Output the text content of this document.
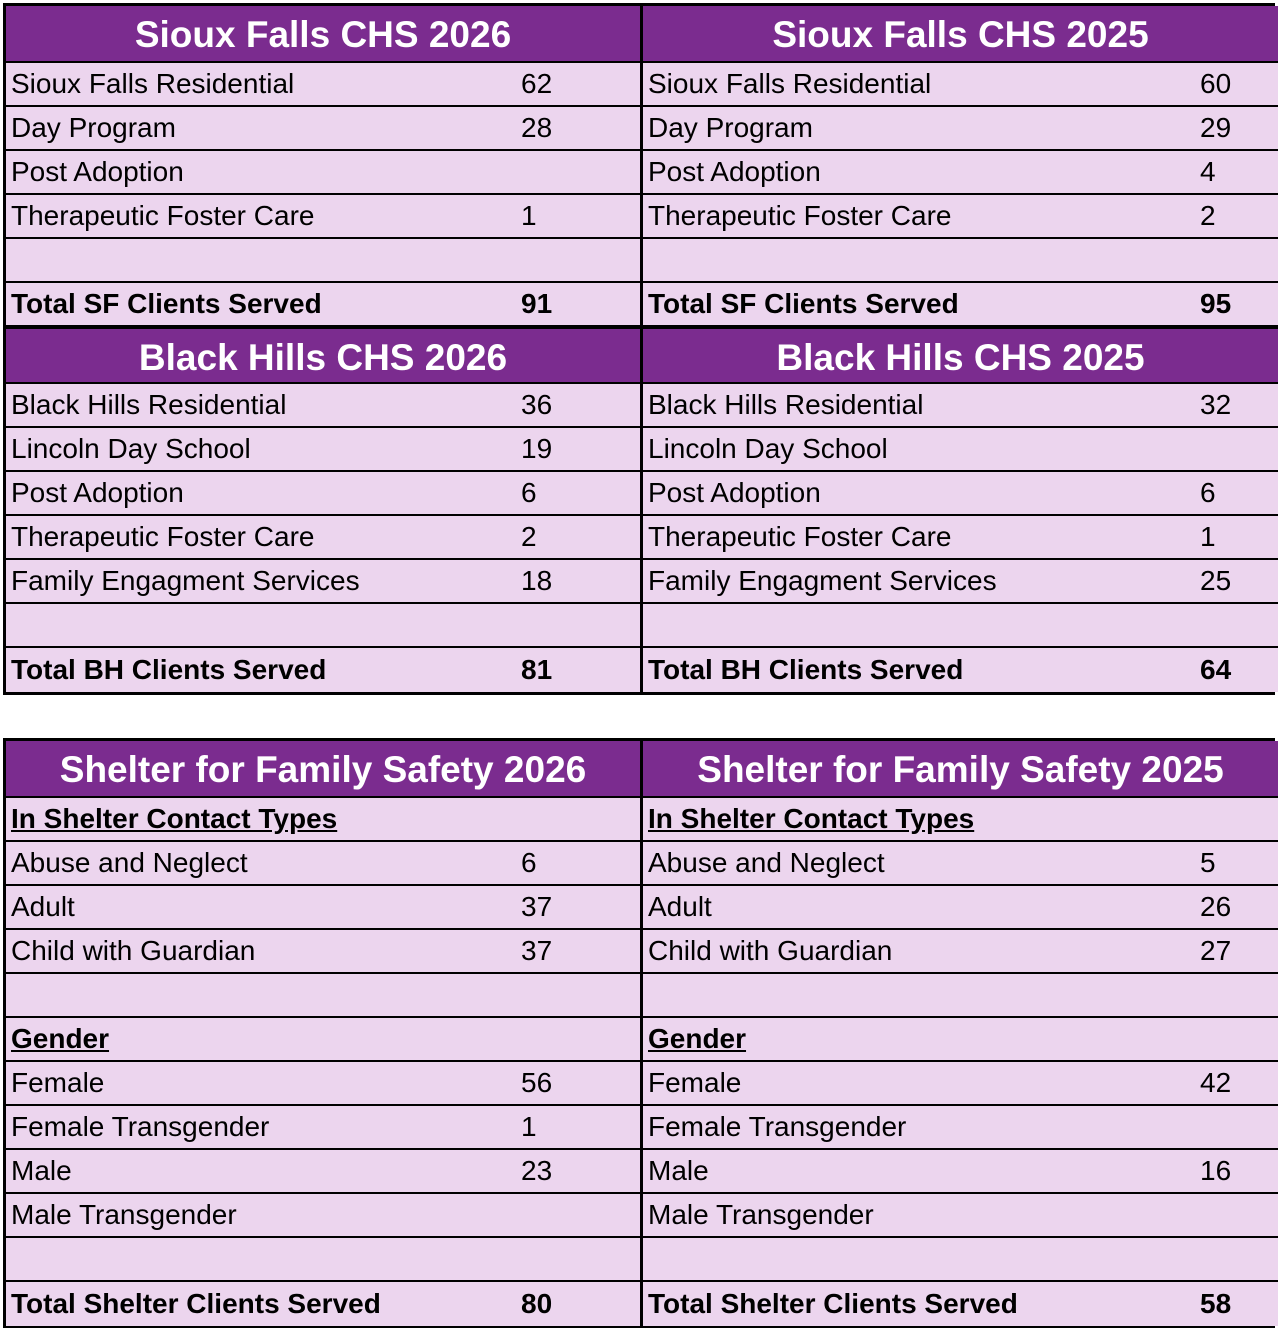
Sioux Falls CHS 2026
Sioux Falls Residential	62
Day Program	28
Post Adoption
Therapeutic Foster Care	1
Total SF Clients Served	91
Black Hills CHS 2026
Black Hills Residential	36
Lincoln Day School	19
Post Adoption	6
Therapeutic Foster Care	2
Family Engagment Services	18
Total BH Clients Served	81
Sioux Falls CHS 2025
Sioux Falls Residential	60
Day Program	29
Post Adoption	4
Therapeutic Foster Care	2
Total SF Clients Served	95
Black Hills CHS 2025
Black Hills Residential	32
Lincoln Day School
Post Adoption	6
Therapeutic Foster Care	1
Family Engagment Services	25
Total BH Clients Served	64
Shelter for Family Safety 2026
In Shelter Contact Types
Abuse and Neglect	6
Adult	37
Child with Guardian	37
Gender
Female	56
Female Transgender	1
Male	23
Male Transgender
Total Shelter Clients Served	80
Shelter for Family Safety 2025
In Shelter Contact Types
Abuse and Neglect	5
Adult	26
Child with Guardian	27
Gender
Female	42
Female Transgender
Male	16
Male Transgender
Total Shelter Clients Served	58
